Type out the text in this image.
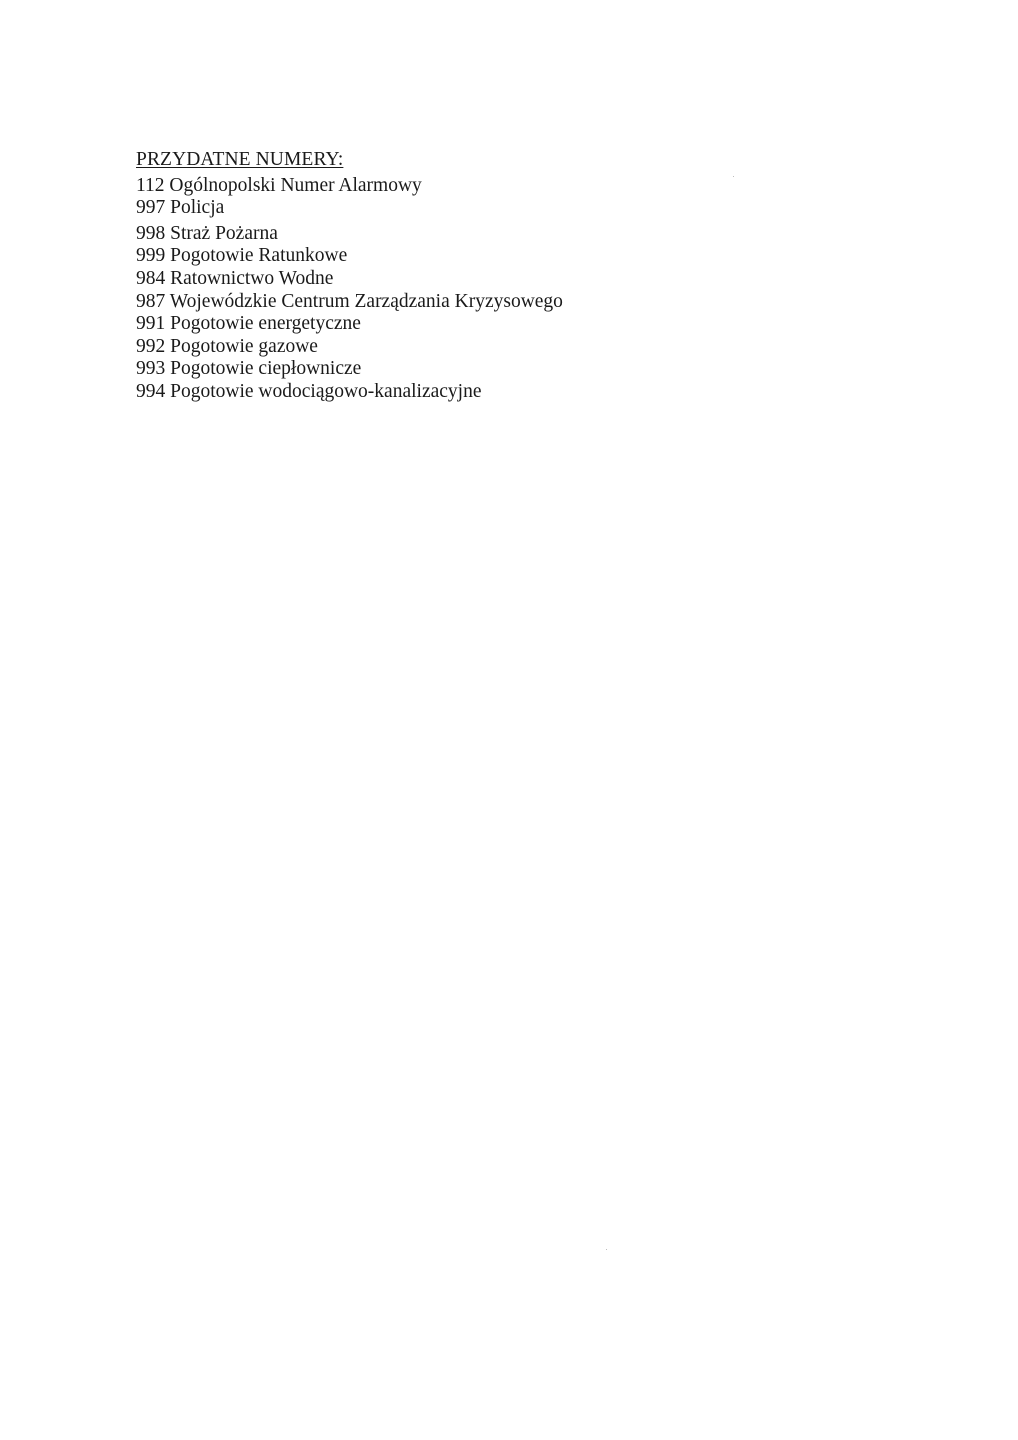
PRZYDATNE NUMERY:
112 Ogólnopolski Numer Alarmowy
997 Policja
998 Straż Pożarna
999 Pogotowie Ratunkowe
984 Ratownictwo Wodne
987 Wojewódzkie Centrum Zarządzania Kryzysowego
991 Pogotowie energetyczne
992 Pogotowie gazowe
993 Pogotowie ciepłownicze
994 Pogotowie wodociągowo-kanalizacyjne
